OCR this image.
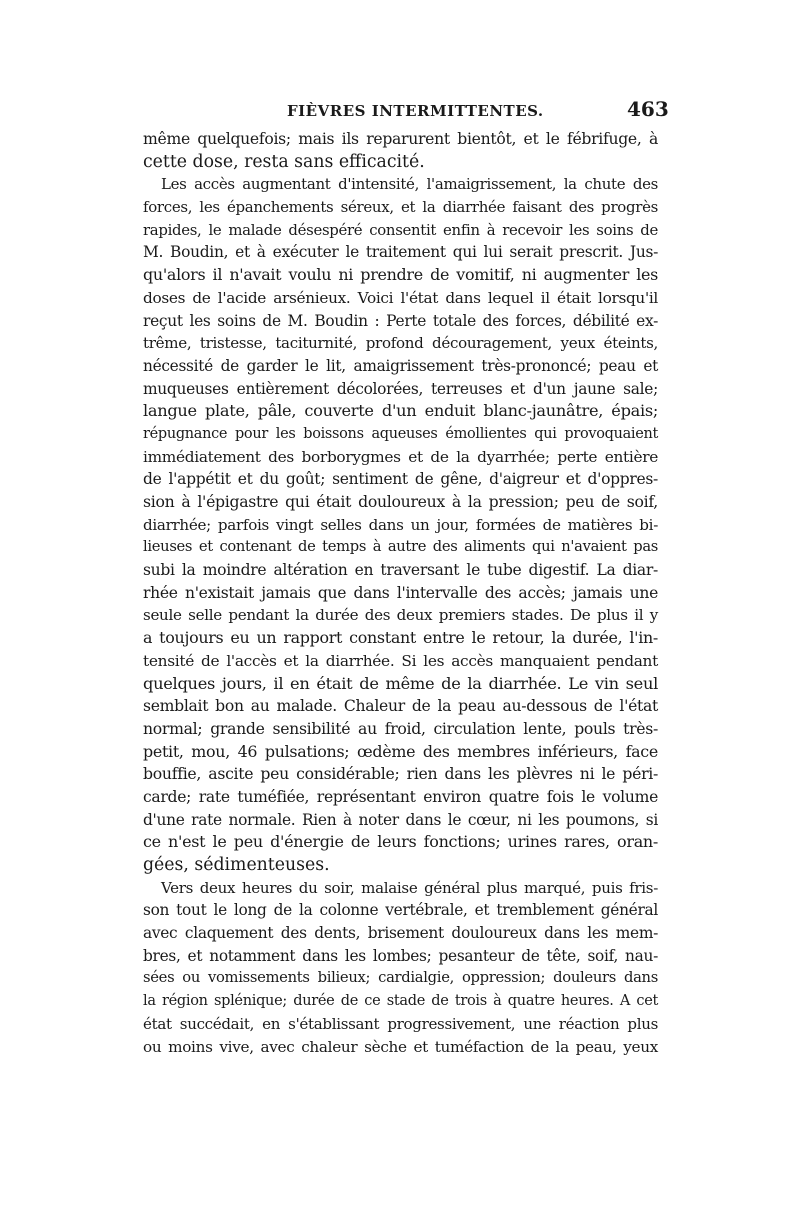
FIÈVRES INTERMITTENTES.	463
même quelquefois; mais ils reparurent bientôt, et le fébrifuge, à
cette dose, resta sans efficacité.
Les accès augmentant d'intensité, l'amaigrissement, la chute des
forces, les épanchements séreux, et la diarrhée faisant des progrès
rapides, le malade désespéré consentit enfin à recevoir les soins de
M. Boudin, et à exécuter le traitement qui lui serait prescrit. Jus-
qu'alors il n'avait voulu ni prendre de vomitif, ni augmenter les
doses de l'acide arsénieux. Voici l'état dans lequel il était lorsqu'il
reçut les soins de M. Boudin : Perte totale des forces, débilité ex-
trême, tristesse, taciturnité, profond découragement, yeux éteints,
nécessité de garder le lit, amaigrissement très-prononcé; peau et
muqueuses entièrement décolorées, terreuses et d'un jaune sale;
langue plate, pâle, couverte d'un enduit blanc-jaunâtre, épais;
répugnance pour les boissons aqueuses émollientes qui provoquaient
immédiatement des borborygmes et de la dyarrhée; perte entière
de l'appétit et du goût; sentiment de gêne, d'aigreur et d'oppres-
sion à l'épigastre qui était douloureux à la pression; peu de soif,
diarrhée; parfois vingt selles dans un jour, formées de matières bi-
lieuses et contenant de temps à autre des aliments qui n'avaient pas
subi la moindre altération en traversant le tube digestif. La diar-
rhée n'existait jamais que dans l'intervalle des accès; jamais une
seule selle pendant la durée des deux premiers stades. De plus il y
a toujours eu un rapport constant entre le retour, la durée, l'in-
tensité de l'accès et la diarrhée. Si les accès manquaient pendant
quelques jours, il en était de même de la diarrhée. Le vin seul
semblait bon au malade. Chaleur de la peau au-dessous de l'état
normal; grande sensibilité au froid, circulation lente, pouls très-
petit, mou, 46 pulsations; œdème des membres inférieurs, face
bouffie, ascite peu considérable; rien dans les plèvres ni le péri-
carde; rate tuméfiée, représentant environ quatre fois le volume
d'une rate normale. Rien à noter dans le cœur, ni les poumons, si
ce n'est le peu d'énergie de leurs fonctions; urines rares, oran-
gées, sédimenteuses.
Vers deux heures du soir, malaise général plus marqué, puis fris-
son tout le long de la colonne vertébrale, et tremblement général
avec claquement des dents, brisement douloureux dans les mem-
bres, et notamment dans les lombes; pesanteur de tête, soif, nau-
sées ou vomissements bilieux; cardialgie, oppression; douleurs dans
la région splénique; durée de ce stade de trois à quatre heures. A cet
état succédait, en s'établissant progressivement, une réaction plus
ou moins vive, avec chaleur sèche et tuméfaction de la peau, yeux
